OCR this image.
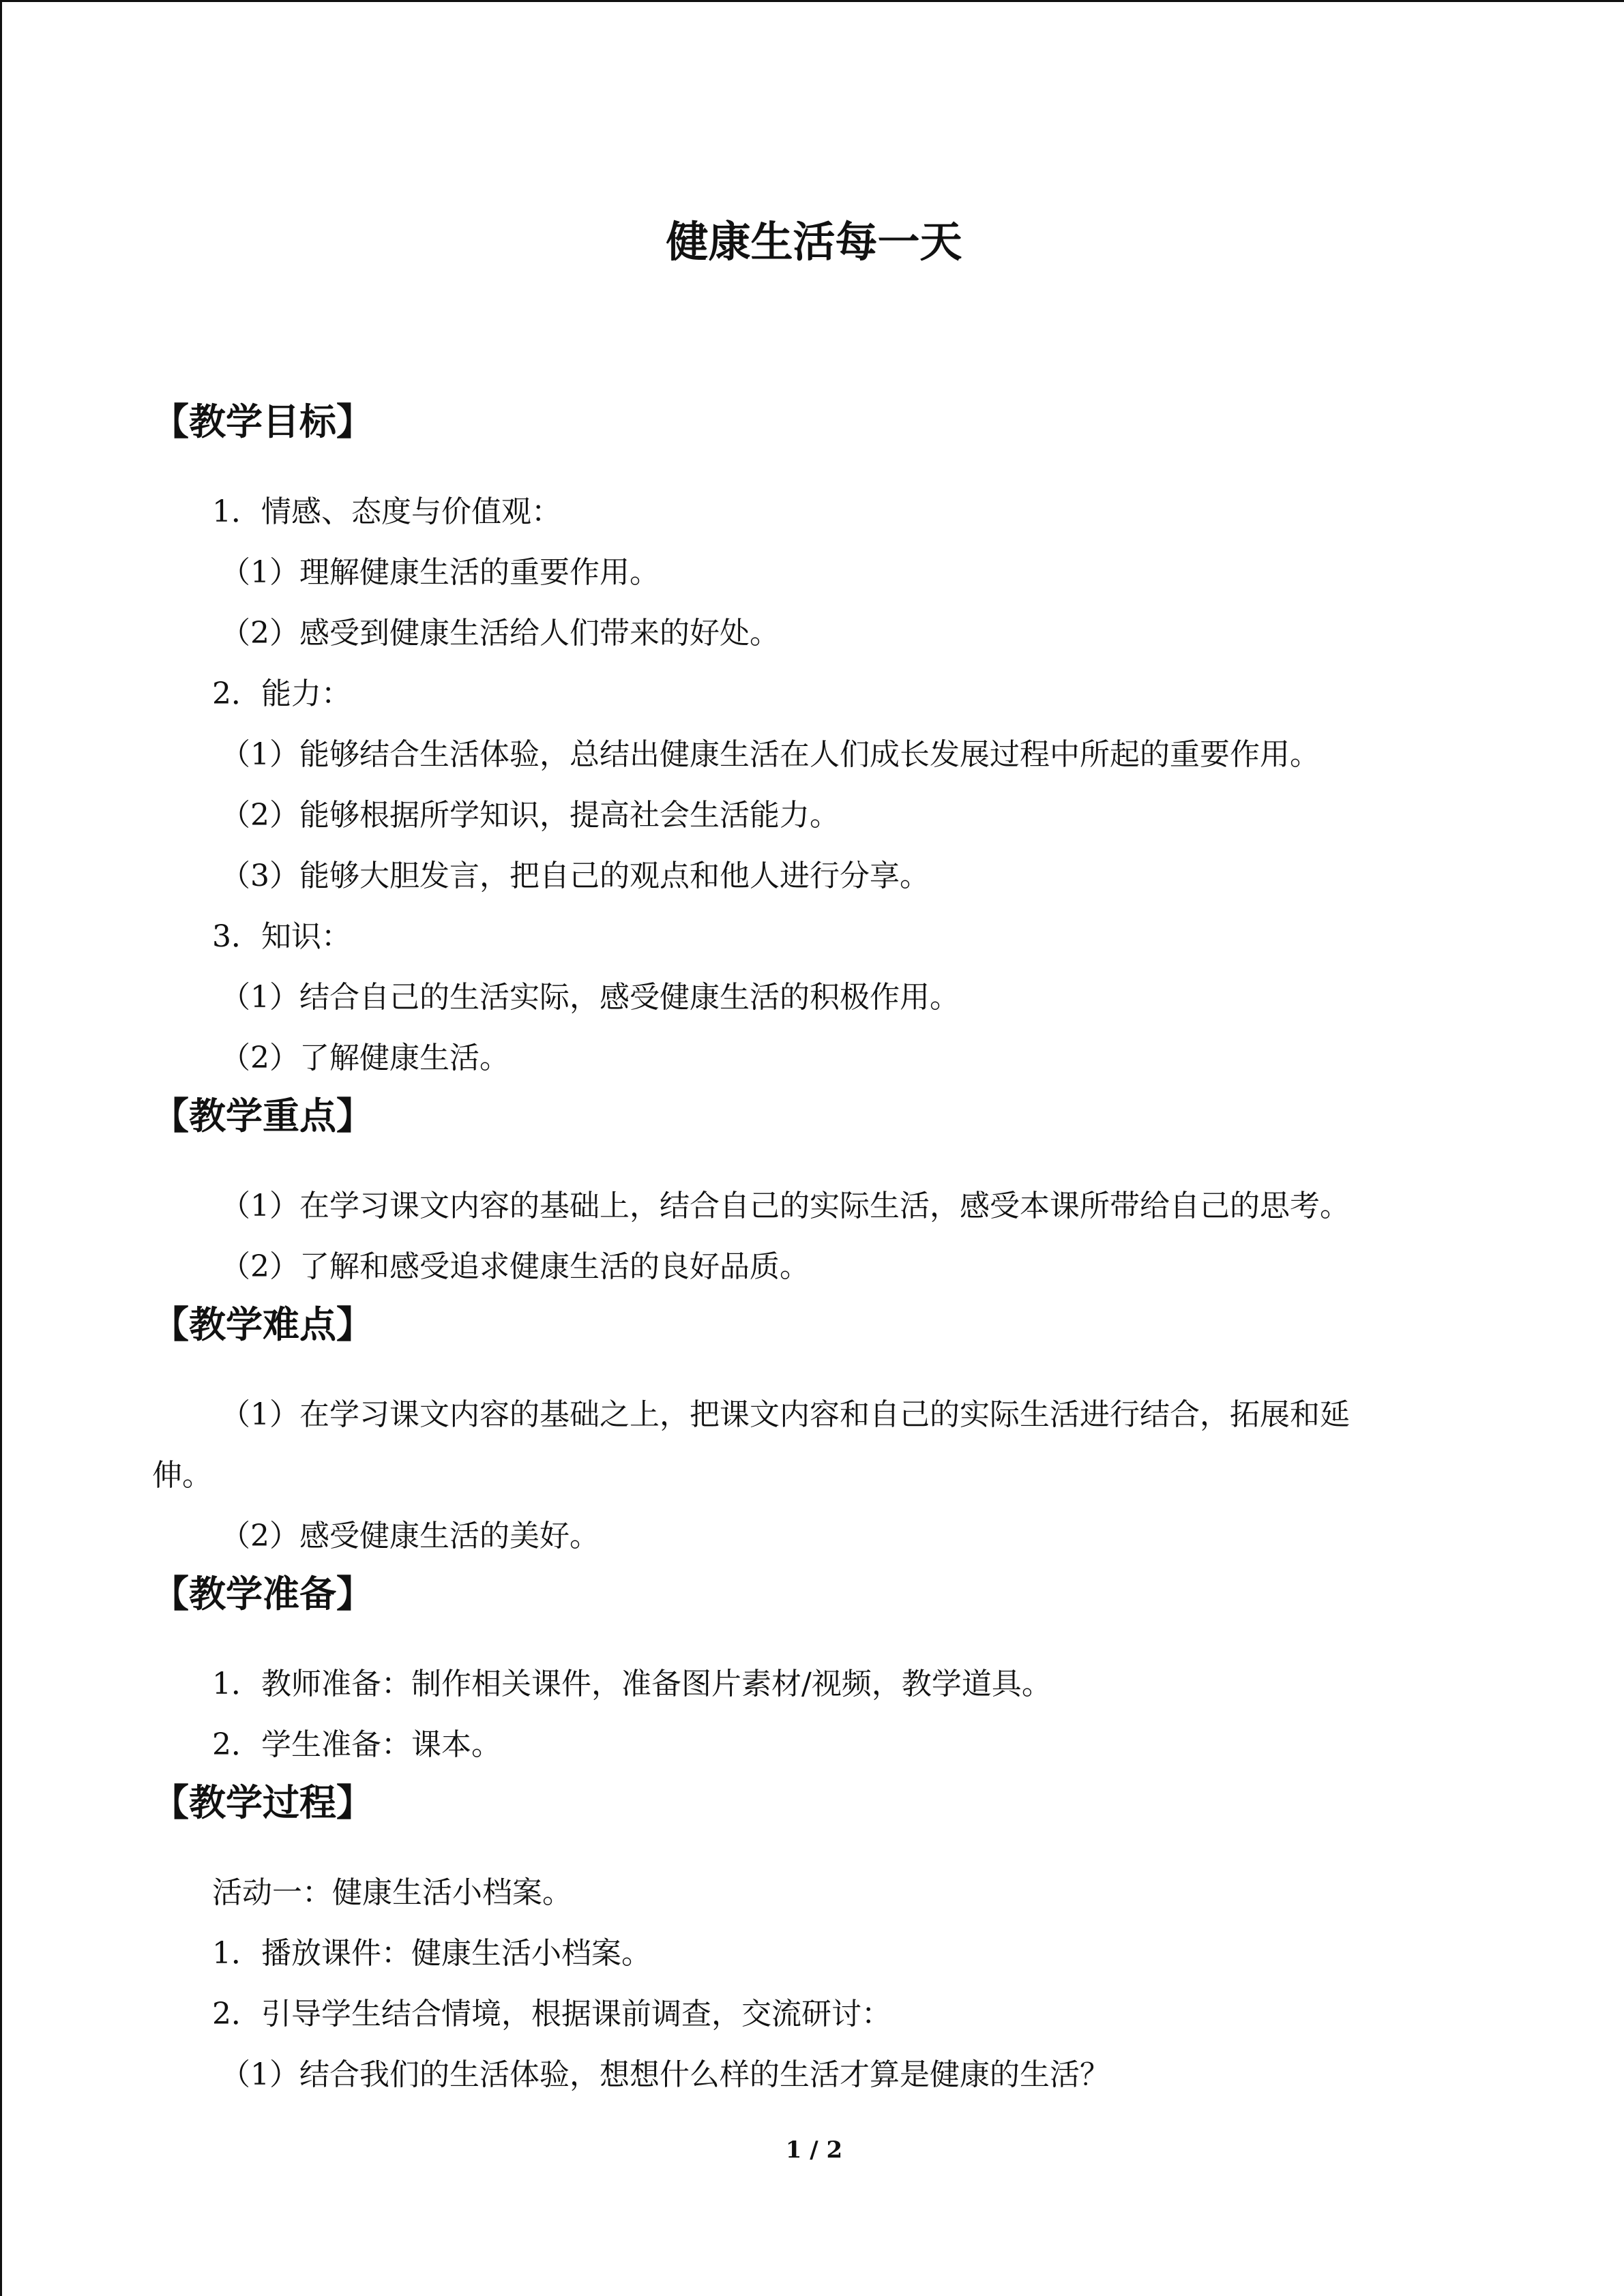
健康生活每一天
【教学目标】
1．情感、态度与价值观：
（1）理解健康生活的重要作用。
（2）感受到健康生活给人们带来的好处。
2．能力：
（1）能够结合生活体验，总结出健康生活在人们成长发展过程中所起的重要作用。
（2）能够根据所学知识，提高社会生活能力。
（3）能够大胆发言，把自己的观点和他人进行分享。
3．知识：
（1）结合自己的生活实际，感受健康生活的积极作用。
（2）了解健康生活。
【教学重点】
（1）在学习课文内容的基础上，结合自己的实际生活，感受本课所带给自己的思考。
（2）了解和感受追求健康生活的良好品质。
【教学难点】
（1）在学习课文内容的基础之上，把课文内容和自己的实际生活进行结合，拓展和延
伸。
（2）感受健康生活的美好。
【教学准备】
1．教师准备：制作相关课件，准备图片素材/视频，教学道具。
2．学生准备：课本。
【教学过程】
活动一：健康生活小档案。
1．播放课件：健康生活小档案。
2．引导学生结合情境，根据课前调查，交流研讨：
（1）结合我们的生活体验，想想什么样的生活才算是健康的生活？
1 / 2
